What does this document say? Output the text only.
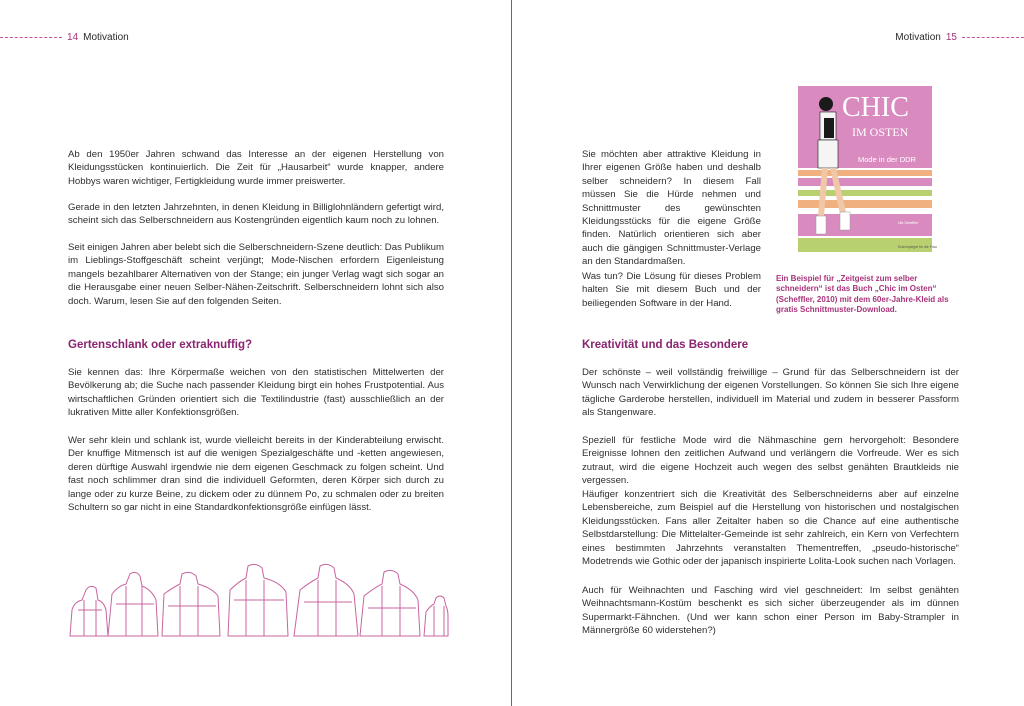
14 Motivation

Ab den 1950er Jahren schwand das Interesse an der eigenen Herstellung von Kleidungsstücken kontinuierlich. Die Zeit für „Hausarbeit“ wurde knapper, andere Hobbys waren wichtiger, Fertigkleidung wurde immer preiswerter.

Gerade in den letzten Jahrzehnten, in denen Kleidung in Billiglohnländern gefertigt wird, scheint sich das Selberschneidern aus Kostengründen eigentlich kaum noch zu lohnen.

Seit einigen Jahren aber belebt sich die Selberschneidern-Szene deutlich: Das Publikum im Lieblings-Stoffgeschäft scheint verjüngt; Mode-Nischen erfordern Eigenleistung mangels bezahlbarer Alternativen von der Stange; ein junger Verlag wagt sich sogar an die Herausgabe einer neuen Selber-Nähen-Zeitschrift. Selberschneidern lohnt sich also doch. Warum, lesen Sie auf den folgenden Seiten.

Gertenschlank oder extraknuffig?

Sie kennen das: Ihre Körpermaße weichen von den statistischen Mittelwerten der Bevölkerung ab; die Suche nach passender Kleidung birgt ein hohes Frustpotential. Aus wirtschaftlichen Gründen orientiert sich die Textilindustrie (fast) ausschließlich an der lukrativen Mitte aller Konfektionsgrößen.

Wer sehr klein und schlank ist, wurde vielleicht bereits in der Kinderabteilung erwischt. Der knuffige Mitmensch ist auf die wenigen Spezialgeschäfte und -ketten angewiesen, deren dürftige Auswahl irgendwie nie dem eigenen Geschmack zu folgen scheint. Und fast noch schlimmer dran sind die individuell Geformten, deren Körper sich durch zu lange oder zu kurze Beine, zu dickem oder zu dünnem Po, zu schmalen oder zu breiten Schultern so gar nicht in eine Standardkonfektionsgröße einfügen lässt.

Motivation 15

Sie möchten aber attraktive Kleidung in Ihrer eigenen Größe haben und deshalb selber schneidern? In diesem Fall müssen Sie die Hürde nehmen und Schnittmuster des gewünschten Kleidungsstücks für die eigene Größe finden. Natürlich orientieren sich aber auch die gängigen Schnittmuster-Verlage an den Standardmaßen.

Was tun? Die Lösung für dieses Problem halten Sie mit diesem Buch und der beiliegenden Software in der Hand.

CHIC
IM OSTEN
Mode in der DDR
Ute Scheffler
Eulenspiegel für die Frau

Ein Beispiel für „Zeitgeist zum selber schneidern“ ist das Buch „Chic im Osten“ (Scheffler, 2010) mit dem 60er-Jahre-Kleid als gratis Schnittmuster-Download.

Kreativität und das Besondere

Der schönste – weil vollständig freiwillige – Grund für das Selberschneidern ist der Wunsch nach Verwirklichung der eigenen Vorstellungen. So können Sie sich Ihre eigene tägliche Garderobe herstellen, individuell im Material und zudem in besserer Passform als Stangenware.

Speziell für festliche Mode wird die Nähmaschine gern hervorgeholt: Besondere Ereignisse lohnen den zeitlichen Aufwand und verlängern die Vorfreude. Wer es sich zutraut, wird die eigene Hochzeit auch wegen des selbst genähten Brautkleids nie vergessen.

Häufiger konzentriert sich die Kreativität des Selberschneiderns aber auf einzelne Lebensbereiche, zum Beispiel auf die Herstellung von historischen und nostalgischen Kleidungsstücken. Fans aller Zeitalter haben so die Chance auf eine authentische Selbstdarstellung: Die Mittelalter-Gemeinde ist sehr zahlreich, ein Kern von Verfechtern eines bestimmten Jahrzehnts veranstalten Thementreffen, „pseudo-historische“ Modetrends wie Gothic oder der japanisch inspirierte Lolita-Look suchen nach Vorlagen.

Auch für Weihnachten und Fasching wird viel geschneidert: Im selbst genähten Weihnachtsmann-Kostüm beschenkt es sich sicher überzeugender als im dünnen Supermarkt-Fähnchen. (Und wer kann schon einer Person im Baby-Strampler in Männergröße 60 widerstehen?)
